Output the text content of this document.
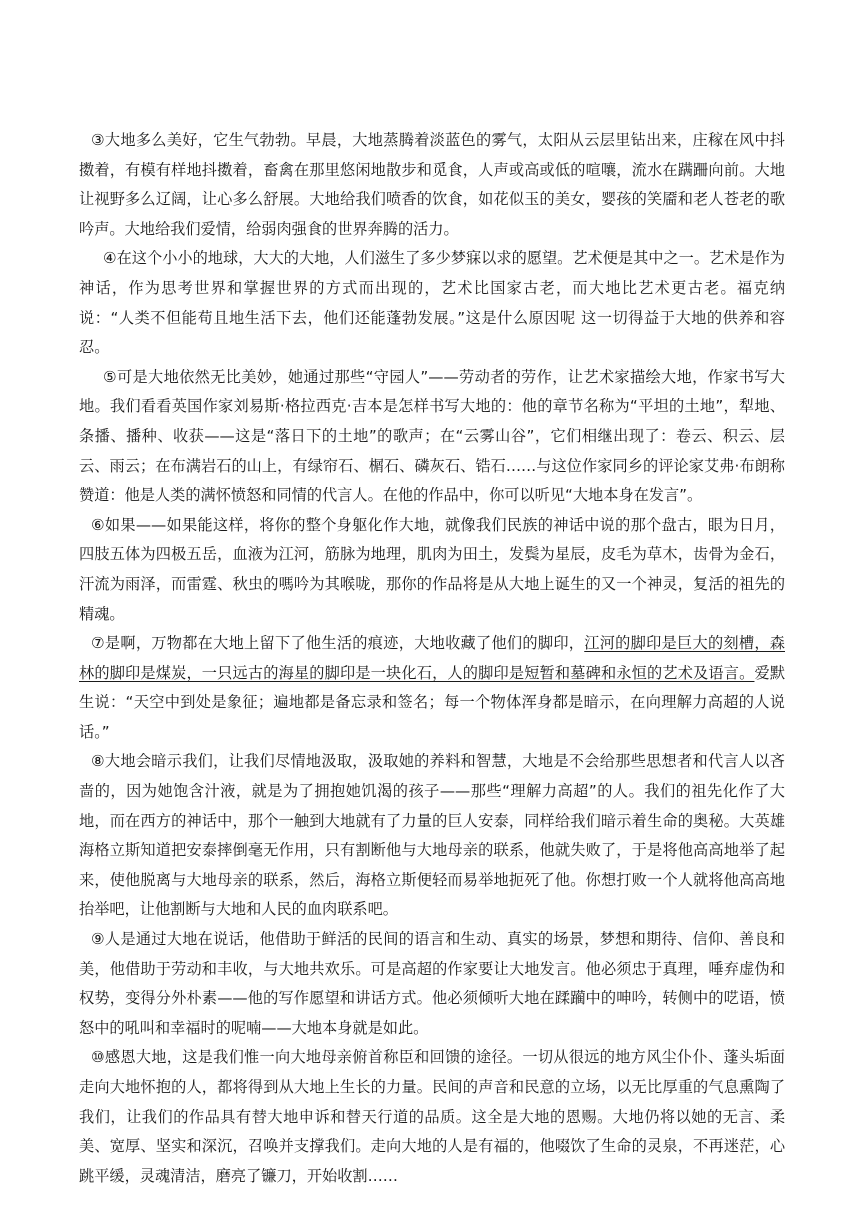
③大地多么美好，它生气勃勃。早晨，大地蒸腾着淡蓝色的雾气，太阳从云层里钻出来，庄稼在风中抖擞着，有模有样地抖擞着，畜禽在那里悠闲地散步和觅食，人声或高或低的喧嚷，流水在蹒跚向前。大地让视野多么辽阔，让心多么舒展。大地给我们喷香的饮食，如花似玉的美女，婴孩的笑靥和老人苍老的歌吟声。大地给我们爱情，给弱肉强食的世界奔腾的活力。

④在这个小小的地球，大大的大地，人们滋生了多少梦寐以求的愿望。艺术便是其中之一。艺术是作为神话，作为思考世界和掌握世界的方式而出现的，艺术比国家古老，而大地比艺术更古老。福克纳说：“人类不但能苟且地生活下去，他们还能蓬勃发展。”这是什么原因呢 这一切得益于大地的供养和容忍。

⑤可是大地依然无比美妙，她通过那些“守园人”——劳动者的劳作，让艺术家描绘大地，作家书写大地。我们看看英国作家刘易斯·格拉西克·吉本是怎样书写大地的：他的章节名称为“平坦的土地”，犁地、条播、播种、收获——这是“落日下的土地”的歌声；在“云雾山谷”，它们相继出现了：卷云、积云、层云、雨云；在布满岩石的山上，有绿帘石、榍石、磷灰石、锆石……与这位作家同乡的评论家艾弗·布朗称赞道：他是人类的满怀愤怒和同情的代言人。在他的作品中，你可以听见“大地本身在发言”。

⑥如果——如果能这样，将你的整个身躯化作大地，就像我们民族的神话中说的那个盘古，眼为日月，四肢五体为四极五岳，血液为江河，筋脉为地理，肌肉为田土，发鬓为星辰，皮毛为草木，齿骨为金石，汗流为雨泽，而雷霆、秋虫的嗎吟为其喉咙，那你的作品将是从大地上诞生的又一个神灵，复活的祖先的精魂。

⑦是啊，万物都在大地上留下了他生活的痕迹，大地收藏了他们的脚印，江河的脚印是巨大的刻槽，森林的脚印是煤炭，一只远古的海星的脚印是一块化石，人的脚印是短暂和墓碑和永恒的艺术及语言。爱默生说：“天空中到处是象征；遍地都是备忘录和签名；每一个物体浑身都是暗示，在向理解力高超的人说话。”

⑧大地会暗示我们，让我们尽情地汲取，汲取她的养料和智慧，大地是不会给那些思想者和代言人以吝啬的，因为她饱含汁液，就是为了拥抱她饥渴的孩子——那些“理解力高超”的人。我们的祖先化作了大地，而在西方的神话中，那个一触到大地就有了力量的巨人安泰，同样给我们暗示着生命的奥秘。大英雄海格立斯知道把安泰摔倒毫无作用，只有割断他与大地母亲的联系，他就失败了，于是将他高高地举了起来，使他脱离与大地母亲的联系，然后，海格立斯便轻而易举地扼死了他。你想打败一个人就将他高高地抬举吧，让他割断与大地和人民的血肉联系吧。

⑨人是通过大地在说话，他借助于鲜活的民间的语言和生动、真实的场景，梦想和期待、信仰、善良和美，他借助于劳动和丰收，与大地共欢乐。可是高超的作家要让大地发言。他必须忠于真理，唾弃虚伪和权势，变得分外朴素——他的写作愿望和讲话方式。他必须倾听大地在蹂躏中的呻吟，转侧中的呓语，愤怒中的吼叫和幸福时的呢喃——大地本身就是如此。

⑩感恩大地，这是我们惟一向大地母亲俯首称臣和回馈的途径。一切从很远的地方风尘仆仆、蓬头垢面走向大地怀抱的人，都将得到从大地上生长的力量。民间的声音和民意的立场，以无比厚重的气息熏陶了我们，让我们的作品具有替大地申诉和替天行道的品质。这全是大地的恩赐。大地仍将以她的无言、柔美、宽厚、坚实和深沉，召唤并支撑我们。走向大地的人是有福的，他啜饮了生命的灵泉，不再迷茫，心跳平缓，灵魂清洁，磨亮了镰刀，开始收割……
